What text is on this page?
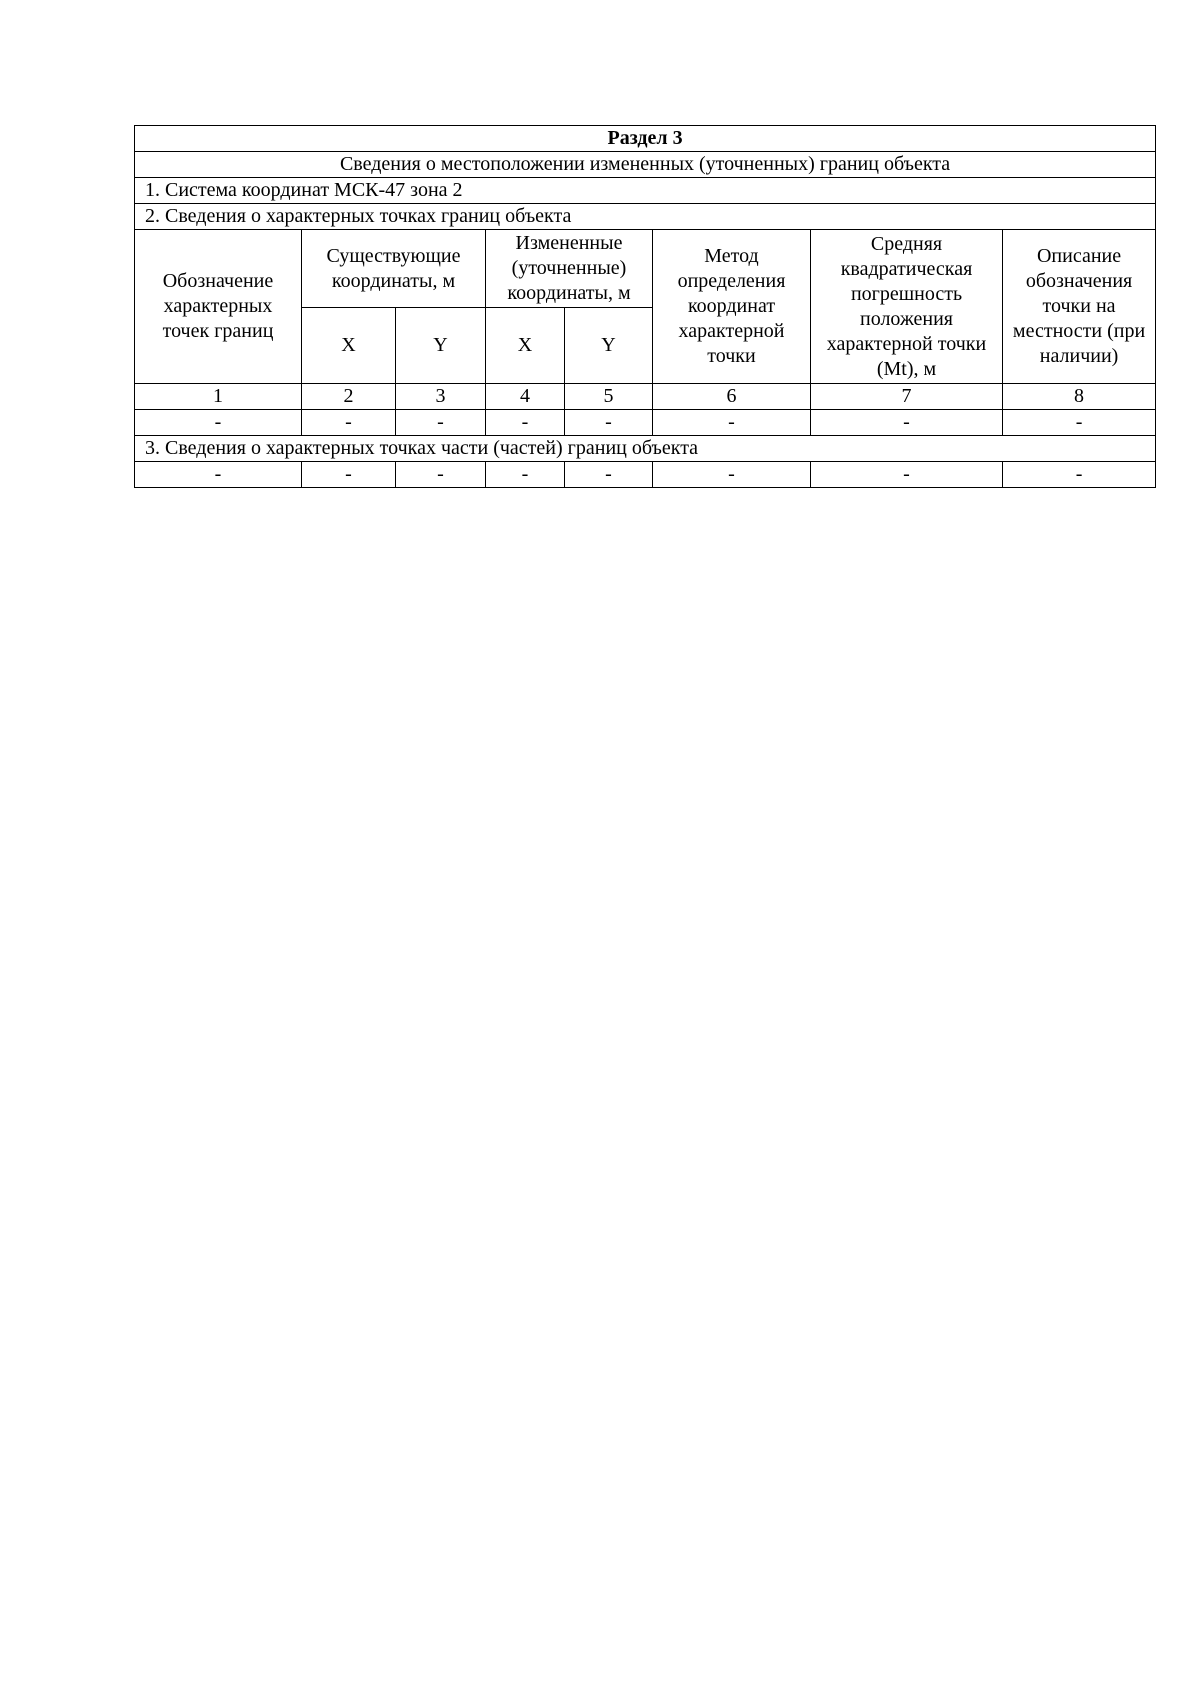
Раздел 3							
Сведения о местоположении измененных (уточненных) границ объекта							
1. Система координат МСК-47 зона 2							
2. Сведения о характерных точках границ объекта							
Обозначение характерных точек границ	Существующие координаты, м		Измененные (уточненные) координаты, м		Метод определения координат характерной точки	Средняя квадратическая погрешность положения характерной точки (Mt), м	Описание обозначения точки на местности (при наличии)
	X	Y	X	Y			
1	2	3	4	5	6	7	8
-	-	-	-	-	-	-	-
3. Сведения о характерных точках части (частей) границ объекта							
-	-	-	-	-	-	-	-
